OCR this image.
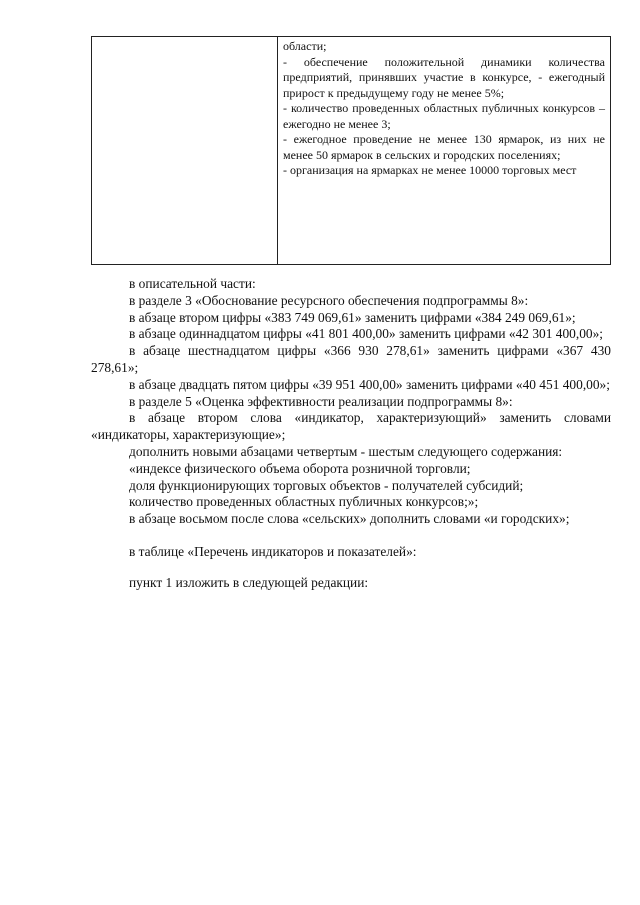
области;

- обеспечение положительной динамики количества предприятий, принявших участие в конкурсе, - ежегодный прирост к предыдущему году не менее 5%;

- количество проведенных областных публичных конкурсов – ежегодно не менее 3;

- ежегодное проведение не менее 130 ярмарок, из них не менее 50 ярмарок в сельских и городских поселениях;

- организация на ярмарках не менее 10000 торговых мест

в описательной части:

в разделе 3 «Обоснование ресурсного обеспечения подпрограммы 8»:

в абзаце втором цифры «383 749 069,61» заменить цифрами «384 249 069,61»;

в абзаце одиннадцатом цифры «41 801 400,00» заменить цифрами «42 301 400,00»;

в абзаце шестнадцатом цифры «366 930 278,61» заменить цифрами «367 430 278,61»;

в абзаце двадцать пятом цифры «39 951 400,00» заменить цифрами «40 451 400,00»;

в разделе 5 «Оценка эффективности реализации подпрограммы 8»:

в абзаце втором слова «индикатор, характеризующий» заменить словами «индикаторы, характеризующие»;

дополнить новыми абзацами четвертым - шестым следующего содержания:

«индексе физического объема оборота розничной торговли;

доля функционирующих торговых объектов - получателей субсидий;

количество проведенных областных публичных конкурсов;»;

в абзаце восьмом после слова «сельских» дополнить словами «и городских»;

в таблице «Перечень индикаторов и показателей»:

пункт 1 изложить в следующей редакции:
